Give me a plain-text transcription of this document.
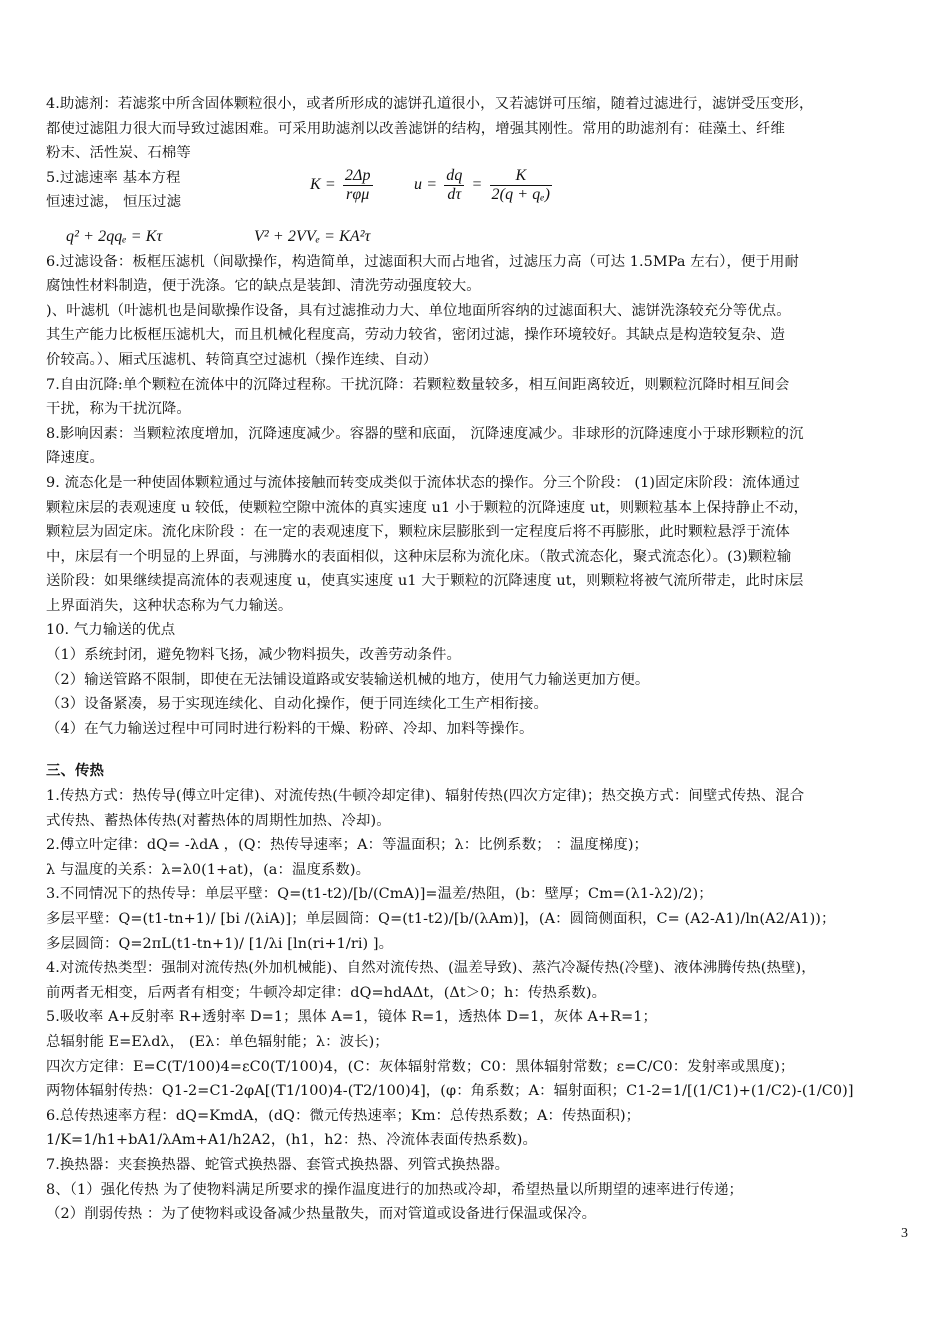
4.助滤剂：若滤浆中所含固体颗粒很小，或者所形成的滤饼孔道很小，又若滤饼可压缩，随着过滤进行，滤饼受压变形，
都使过滤阻力很大而导致过滤困难。可采用助滤剂以改善滤饼的结构，增强其刚性。常用的助滤剂有：硅藻土、纤维
粉末、活性炭、石棉等
5.过滤速率 基本方程
恒速过滤， 恒压过滤
$K = \frac{2\Delta p}{\text{rφμ}}$	$u = \frac{dq}{d\tau} = \frac{K}{\text{2(q + qₑ)}}$
q² + 2qqₑ = Kτ	V² + 2VVₑ = KA²τ
6.过滤设备：板框压滤机（间歇操作，构造简单，过滤面积大而占地省，过滤压力高（可达 1.5MPa 左右），便于用耐
腐蚀性材料制造，便于洗涤。它的缺点是装卸、清洗劳动强度较大。
)、叶滤机（叶滤机也是间歇操作设备，具有过滤推动力大、单位地面所容纳的过滤面积大、滤饼洗涤较充分等优点。
其生产能力比板框压滤机大，而且机械化程度高，劳动力较省，密闭过滤，操作环境较好。其缺点是构造较复杂、造
价较高。）、厢式压滤机、转筒真空过滤机（操作连续、自动）
7.自由沉降:单个颗粒在流体中的沉降过程称。干扰沉降：若颗粒数量较多，相互间距离较近，则颗粒沉降时相互间会
干扰，称为干扰沉降。
8.影响因素：当颗粒浓度增加，沉降速度减少。容器的壁和底面， 沉降速度减少。非球形的沉降速度小于球形颗粒的沉
降速度。
9. 流态化是一种使固体颗粒通过与流体接触而转变成类似于流体状态的操作。分三个阶段： (1)固定床阶段：流体通过
颗粒床层的表观速度 u 较低，使颗粒空隙中流体的真实速度 u1 小于颗粒的沉降速度 ut，则颗粒基本上保持静止不动，
颗粒层为固定床。流化床阶段 ：在一定的表观速度下，颗粒床层膨胀到一定程度后将不再膨胀，此时颗粒悬浮于流体
中，床层有一个明显的上界面，与沸腾水的表面相似，这种床层称为流化床。（散式流态化，聚式流态化）。(3)颗粒输
送阶段：如果继续提高流体的表观速度 u，使真实速度 u1 大于颗粒的沉降速度 ut，则颗粒将被气流所带走，此时床层
上界面消失，这种状态称为气力输送。
10. 气力输送的优点
（1）系统封闭，避免物料飞扬，减少物料损失，改善劳动条件。
（2）输送管路不限制，即使在无法铺设道路或安装输送机械的地方，使用气力输送更加方便。
（3）设备紧凑，易于实现连续化、自动化操作，便于同连续化工生产相衔接。
（4）在气力输送过程中可同时进行粉料的干燥、粉碎、冷却、加料等操作。
三、传热
1.传热方式：热传导(傅立叶定律)、对流传热(牛顿冷却定律)、辐射传热(四次方定律)；热交换方式：间壁式传热、混合
式传热、蓄热体传热(对蓄热体的周期性加热、冷却)。
2.傅立叶定律：dQ= -λdA ，(Q：热传导速率；A：等温面积；λ：比例系数； ：温度梯度)；
λ 与温度的关系：λ=λ0(1+at)，(a：温度系数)。
3.不同情况下的热传导：单层平壁：Q=(t1-t2)/[b/(CmA)]=温差/热阻，(b：壁厚；Cm=(λ1-λ2)/2)；
多层平壁：Q=(t1-tn+1)/ [bi /(λiA)]；单层圆筒：Q=(t1-t2)/[b/(λAm)]，(A：圆筒侧面积，C= (A2-A1)/ln(A2/A1))；
多层圆筒：Q=2πL(t1-tn+1)/ [1/λi [ln(ri+1/ri) ]。
4.对流传热类型：强制对流传热(外加机械能)、自然对流传热、(温差导致)、蒸汽冷凝传热(冷壁)、液体沸腾传热(热壁)，
前两者无相变，后两者有相变；牛顿冷却定律：dQ=hdAΔt，(Δt＞0；h：传热系数)。
5.吸收率 A+反射率 R+透射率 D=1；黑体 A=1，镜体 R=1，透热体 D=1，灰体 A+R=1；
总辐射能 E=Eλdλ， (Eλ：单色辐射能；λ：波长)；
四次方定律：E=C(T/100)4=εC0(T/100)4，(C：灰体辐射常数；C0：黑体辐射常数；ε=C/C0：发射率或黑度)；
两物体辐射传热：Q1-2=C1-2φA[(T1/100)4-(T2/100)4]，(φ：角系数；A：辐射面积；C1-2=1/[(1/C1)+(1/C2)-(1/C0)]
6.总传热速率方程：dQ=KmdA，(dQ：微元传热速率；Km：总传热系数；A：传热面积)；
1/K=1/h1+bA1/λAm+A1/h2A2，(h1，h2：热、冷流体表面传热系数)。
7.换热器：夹套换热器、蛇管式换热器、套管式换热器、列管式换热器。
8、（1）强化传热 为了使物料满足所要求的操作温度进行的加热或冷却，希望热量以所期望的速率进行传递；
（2）削弱传热 ：为了使物料或设备减少热量散失，而对管道或设备进行保温或保冷。
3
